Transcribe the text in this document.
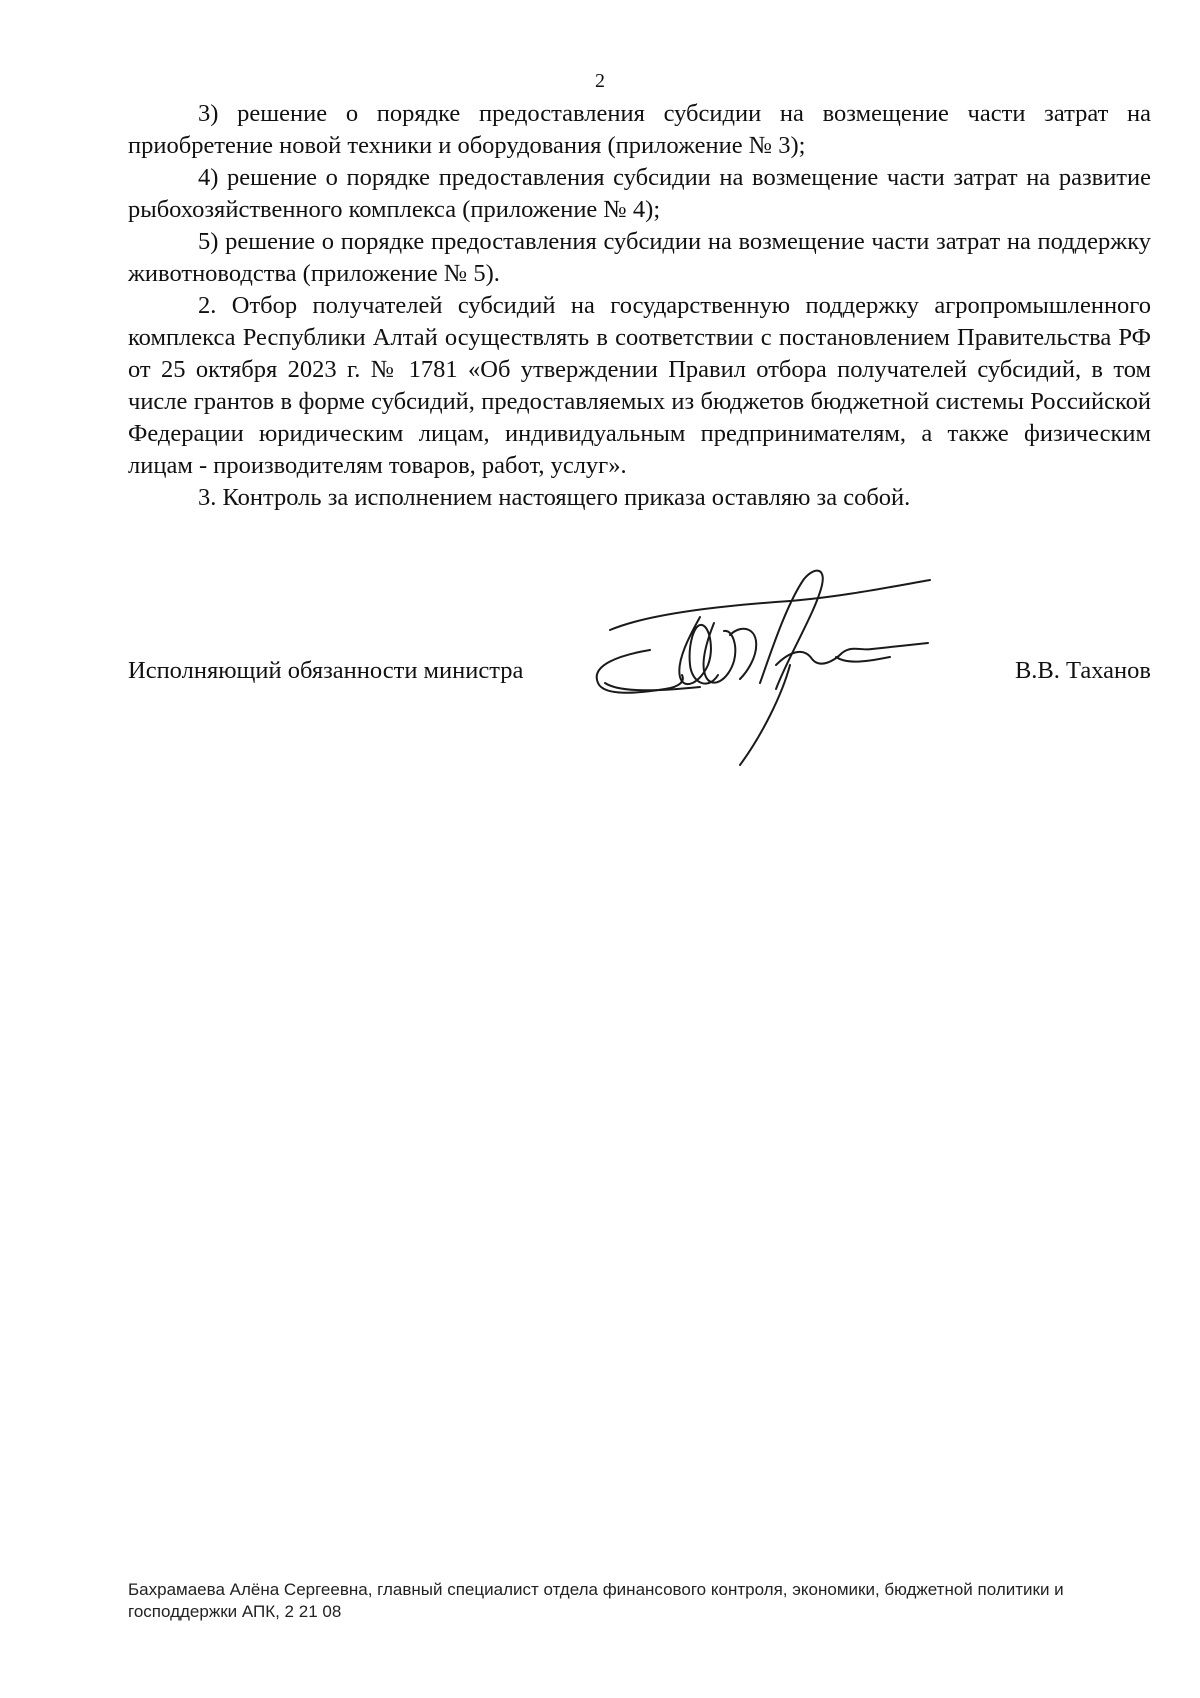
2

3) решение о порядке предоставления субсидии на возмещение части затрат на приобретение новой техники и оборудования (приложение № 3);

4) решение о порядке предоставления субсидии на возмещение части затрат на развитие рыбохозяйственного комплекса (приложение № 4);

5) решение о порядке предоставления субсидии на возмещение части затрат на поддержку животноводства (приложение № 5).

2. Отбор получателей субсидий на государственную поддержку агропромышленного комплекса Республики Алтай осуществлять в соответствии с постановлением Правительства РФ от 25 октября 2023 г. № 1781 «Об утверждении Правил отбора получателей субсидий, в том числе грантов в форме субсидий, предоставляемых из бюджетов бюджетной системы Российской Федерации юридическим лицам, индивидуальным предпринимателям, а также физическим лицам - производителям товаров, работ, услуг».

3. Контроль за исполнением настоящего приказа оставляю за собой.

Исполняющий обязанности министра	В.В. Таханов
Бахрамаева Алёна Сергеевна, главный специалист отдела финансового контроля, экономики, бюджетной политики и господдержки АПК, 2 21 08
